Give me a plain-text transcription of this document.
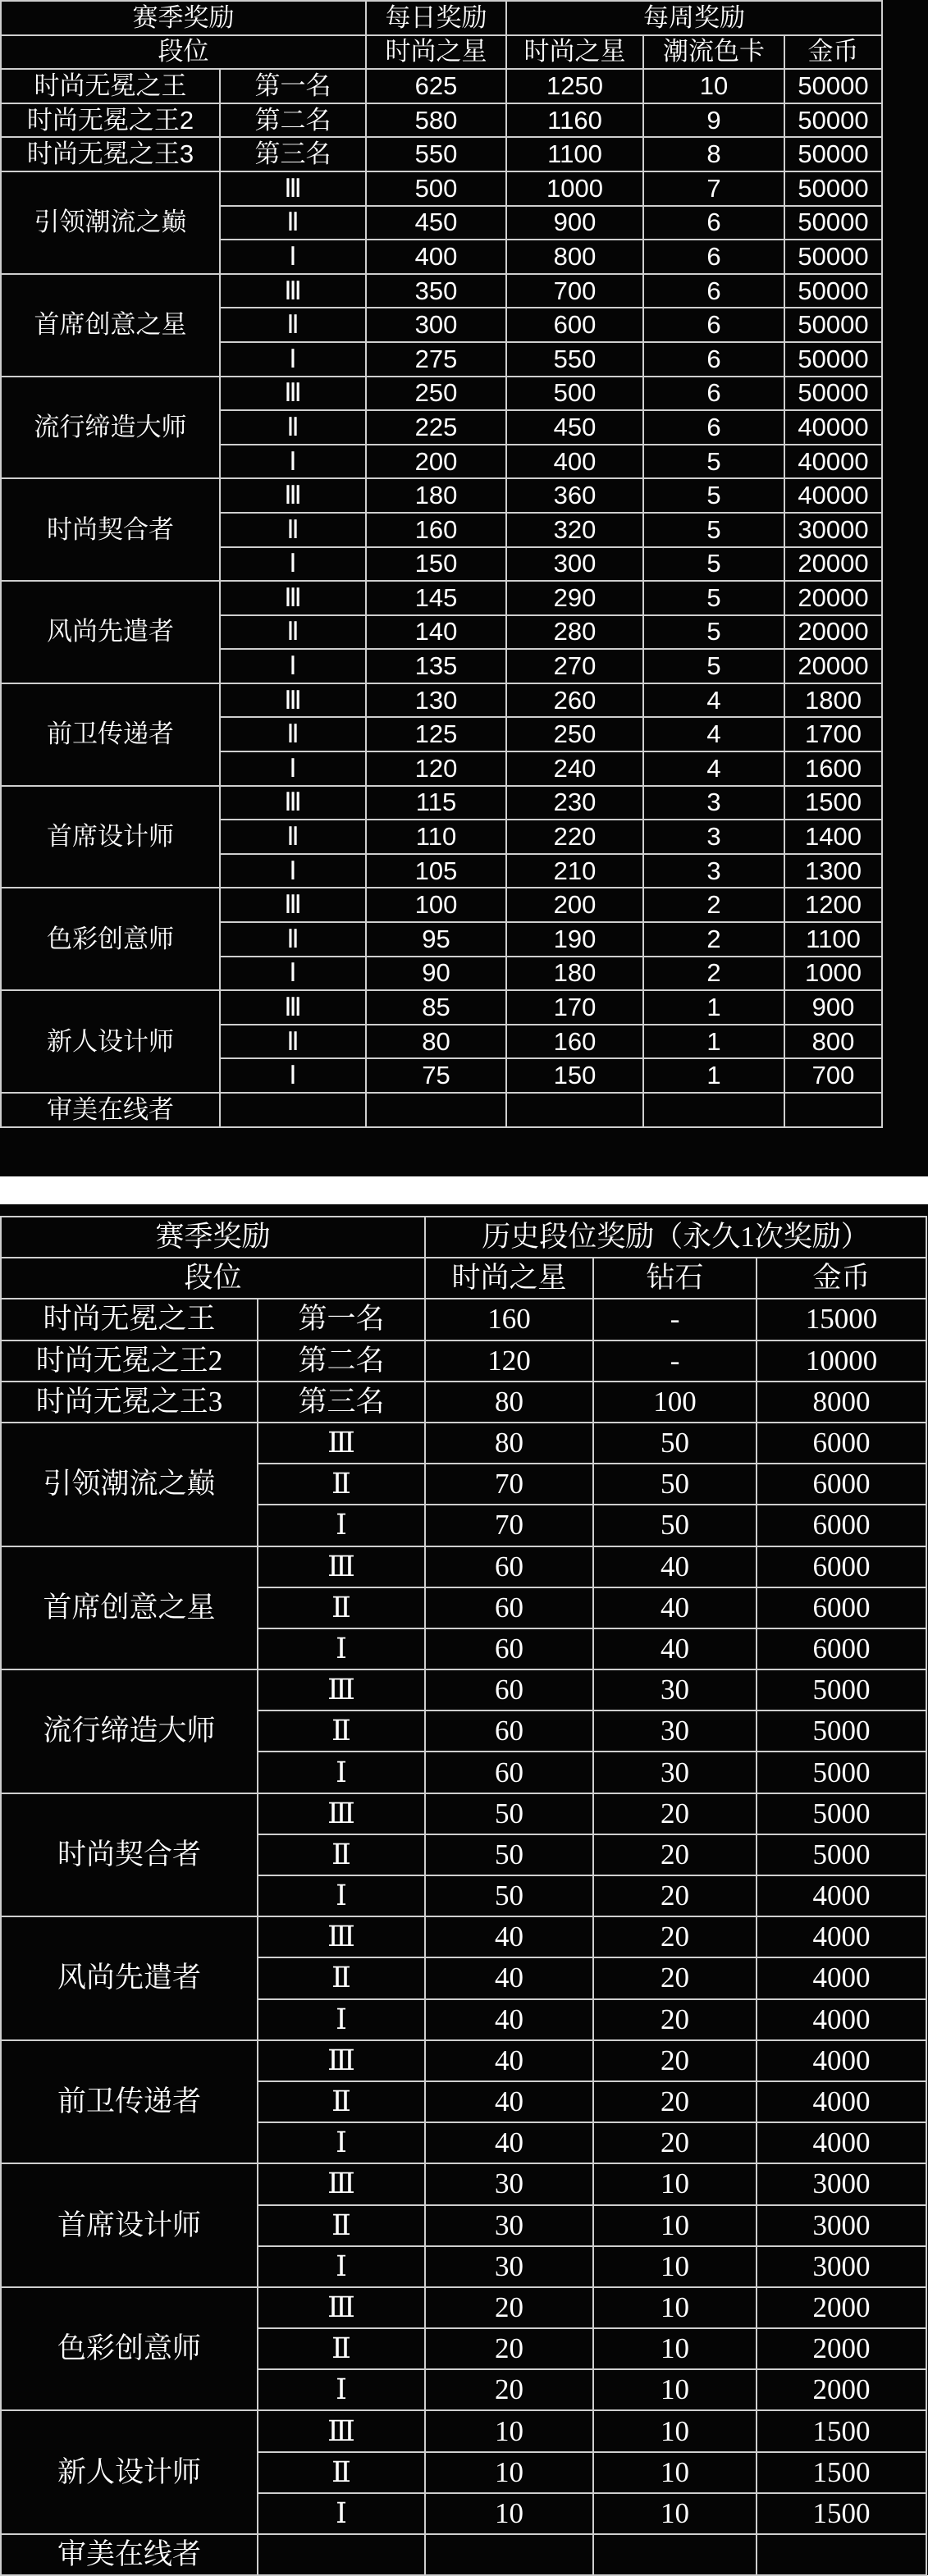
赛季奖励		每日奖励	每周奖励		
段位		时尚之星	时尚之星	潮流色卡	金币
时尚无冕之王	第一名	625	1250	10	50000
时尚无冕之王2	第二名	580	1160	9	50000
时尚无冕之王3	第三名	550	1100	8	50000
引领潮流之巅	Ⅲ	500	1000	7	50000
	Ⅱ	450	900	6	50000
	Ⅰ	400	800	6	50000
首席创意之星	Ⅲ	350	700	6	50000
	Ⅱ	300	600	6	50000
	Ⅰ	275	550	6	50000
流行缔造大师	Ⅲ	250	500	6	50000
	Ⅱ	225	450	6	40000
	Ⅰ	200	400	5	40000
时尚契合者	Ⅲ	180	360	5	40000
	Ⅱ	160	320	5	30000
	Ⅰ	150	300	5	20000
风尚先遣者	Ⅲ	145	290	5	20000
	Ⅱ	140	280	5	20000
	Ⅰ	135	270	5	20000
前卫传递者	Ⅲ	130	260	4	1800
	Ⅱ	125	250	4	1700
	Ⅰ	120	240	4	1600
首席设计师	Ⅲ	115	230	3	1500
	Ⅱ	110	220	3	1400
	Ⅰ	105	210	3	1300
色彩创意师	Ⅲ	100	200	2	1200
	Ⅱ	95	190	2	1100
	Ⅰ	90	180	2	1000
新人设计师	Ⅲ	85	170	1	900
	Ⅱ	80	160	1	800
	Ⅰ	75	150	1	700
审美在线者					
赛季奖励		历史段位奖励（永久1次奖励）		
段位		时尚之星	钻石	金币
时尚无冕之王	第一名	160	-	15000
时尚无冕之王2	第二名	120	-	10000
时尚无冕之王3	第三名	80	100	8000
引领潮流之巅	Ⅲ	80	50	6000
	Ⅱ	70	50	6000
	Ⅰ	70	50	6000
首席创意之星	Ⅲ	60	40	6000
	Ⅱ	60	40	6000
	Ⅰ	60	40	6000
流行缔造大师	Ⅲ	60	30	5000
	Ⅱ	60	30	5000
	Ⅰ	60	30	5000
时尚契合者	Ⅲ	50	20	5000
	Ⅱ	50	20	5000
	Ⅰ	50	20	4000
风尚先遣者	Ⅲ	40	20	4000
	Ⅱ	40	20	4000
	Ⅰ	40	20	4000
前卫传递者	Ⅲ	40	20	4000
	Ⅱ	40	20	4000
	Ⅰ	40	20	4000
首席设计师	Ⅲ	30	10	3000
	Ⅱ	30	10	3000
	Ⅰ	30	10	3000
色彩创意师	Ⅲ	20	10	2000
	Ⅱ	20	10	2000
	Ⅰ	20	10	2000
新人设计师	Ⅲ	10	10	1500
	Ⅱ	10	10	1500
	Ⅰ	10	10	1500
审美在线者				
